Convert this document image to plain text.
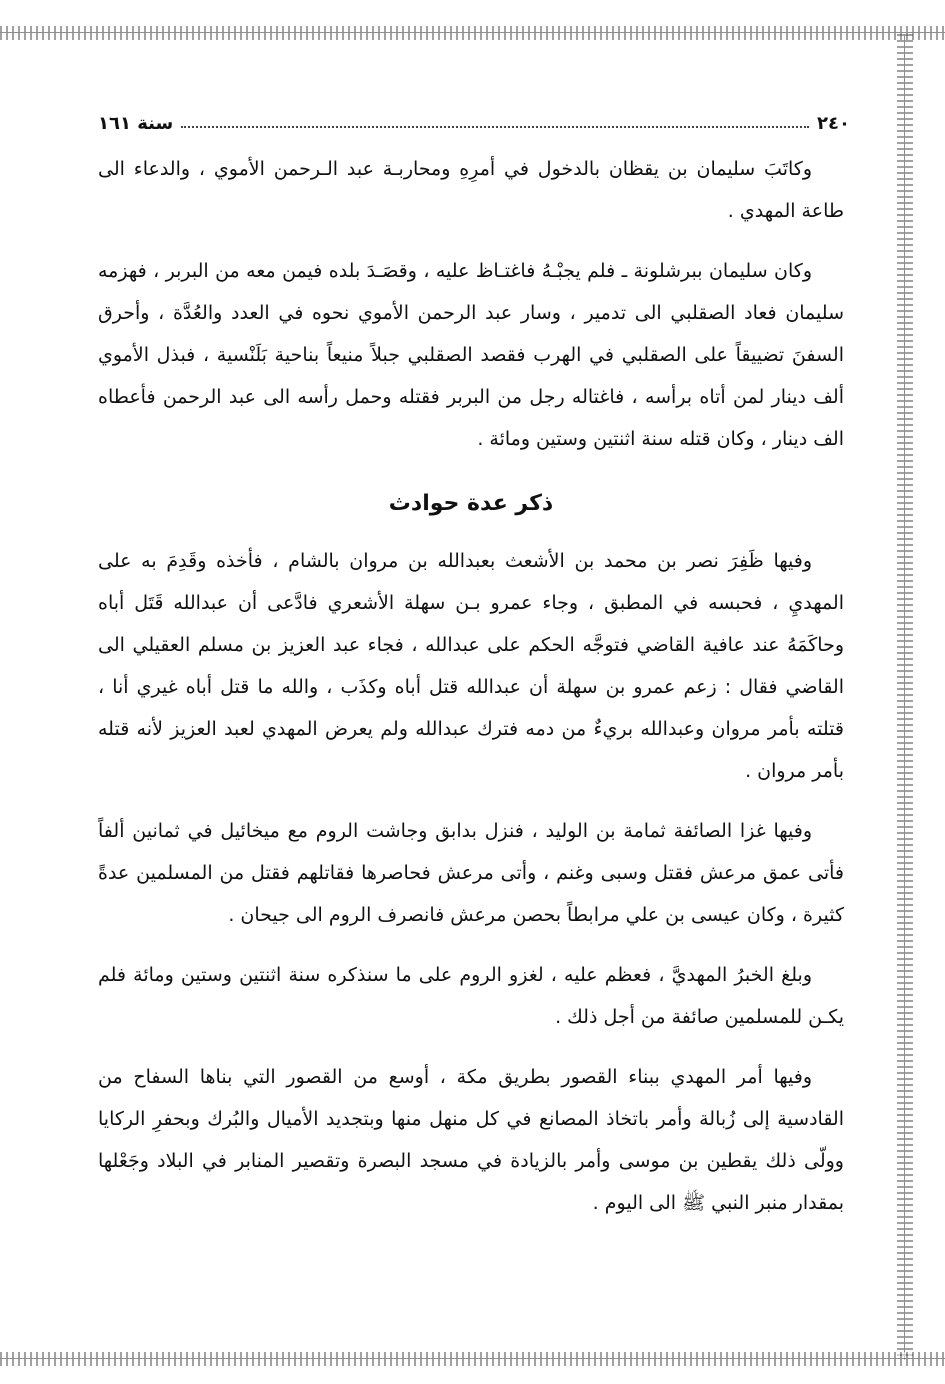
سنة ١٦١	٢٤٠

وكاتَبَ سليمان بن يقظان بالدخول في أمرِهِ ومحاربـة عبد الـرحمن الأموي ، والدعاء الى طاعة المهدي .

وكان سليمان ببرشلونة ـ فلم يجبْـهُ فاغتـاظ عليه ، وقصَـدَ بلده فيمن معه من البربر ، فهزمه سليمان فعاد الصقلبي الى تدمير ، وسار عبد الرحمن الأموي نحوه في العدد والعُدَّة ، وأحرق السفنَ تضييقاً على الصقلبي في الهرب فقصد الصقلبي جبلاً منيعاً بناحية بَلَنْسية ، فبذل الأموي ألف دينار لمن أتاه برأسه ، فاغتاله رجل من البربر فقتله وحمل رأسه الى عبد الرحمن فأعطاه الف دينار ، وكان قتله سنة اثنتين وستين ومائة .

ذكر عدة حوادث

وفيها ظَفِرَ نصر بن محمد بن الأشعث بعبدالله بن مروان بالشام ، فأخذه وقَدِمَ به على المهديِ ، فحبسه في المطبق ، وجاء عمرو بـن سهلة الأشعري فادَّعى أن عبدالله قَتَل أباه وحاكَمَهُ عند عافية القاضي فتوجَّه الحكم على عبدالله ، فجاء عبد العزيز بن مسلم العقيلي الى القاضي فقال : زعم عمرو بن سهلة أن عبدالله قتل أباه وكذَب ، والله ما قتل أباه غيري أنا ، قتلته بأمر مروان وعبدالله بريءٌ من دمه فترك عبدالله ولم يعرض المهدي لعبد العزيز لأنه قتله بأمر مروان .

وفيها غزا الصائفة ثمامة بن الوليد ، فنزل بدابق وجاشت الروم مع ميخائيل في ثمانين ألفاً فأتى عمق مرعش فقتل وسبى وغنم ، وأتى مرعش فحاصرها فقاتلهم فقتل من المسلمين عدةً كثيرة ، وكان عيسى بن علي مرابطاً بحصن مرعش فانصرف الروم الى جيحان .

وبلغ الخبرُ المهديَّ ، فعظم عليه ، لغزو الروم على ما سنذكره سنة اثنتين وستين ومائة فلم يكـن للمسلمين صائفة من أجل ذلك .

وفيها أمر المهدي ببناء القصور بطريق مكة ، أوسع من القصور التي بناها السفاح من القادسية إلى زُبالة وأمر باتخاذ المصانع في كل منهل منها وبتجديد الأميال والبُرك وبحفرِ الركايا وولّى ذلك يقطين بن موسى وأمر بالزيادة في مسجد البصرة وتقصير المنابر في البلاد وجَعْلها بمقدار منبر النبي ﷺ الى اليوم .
